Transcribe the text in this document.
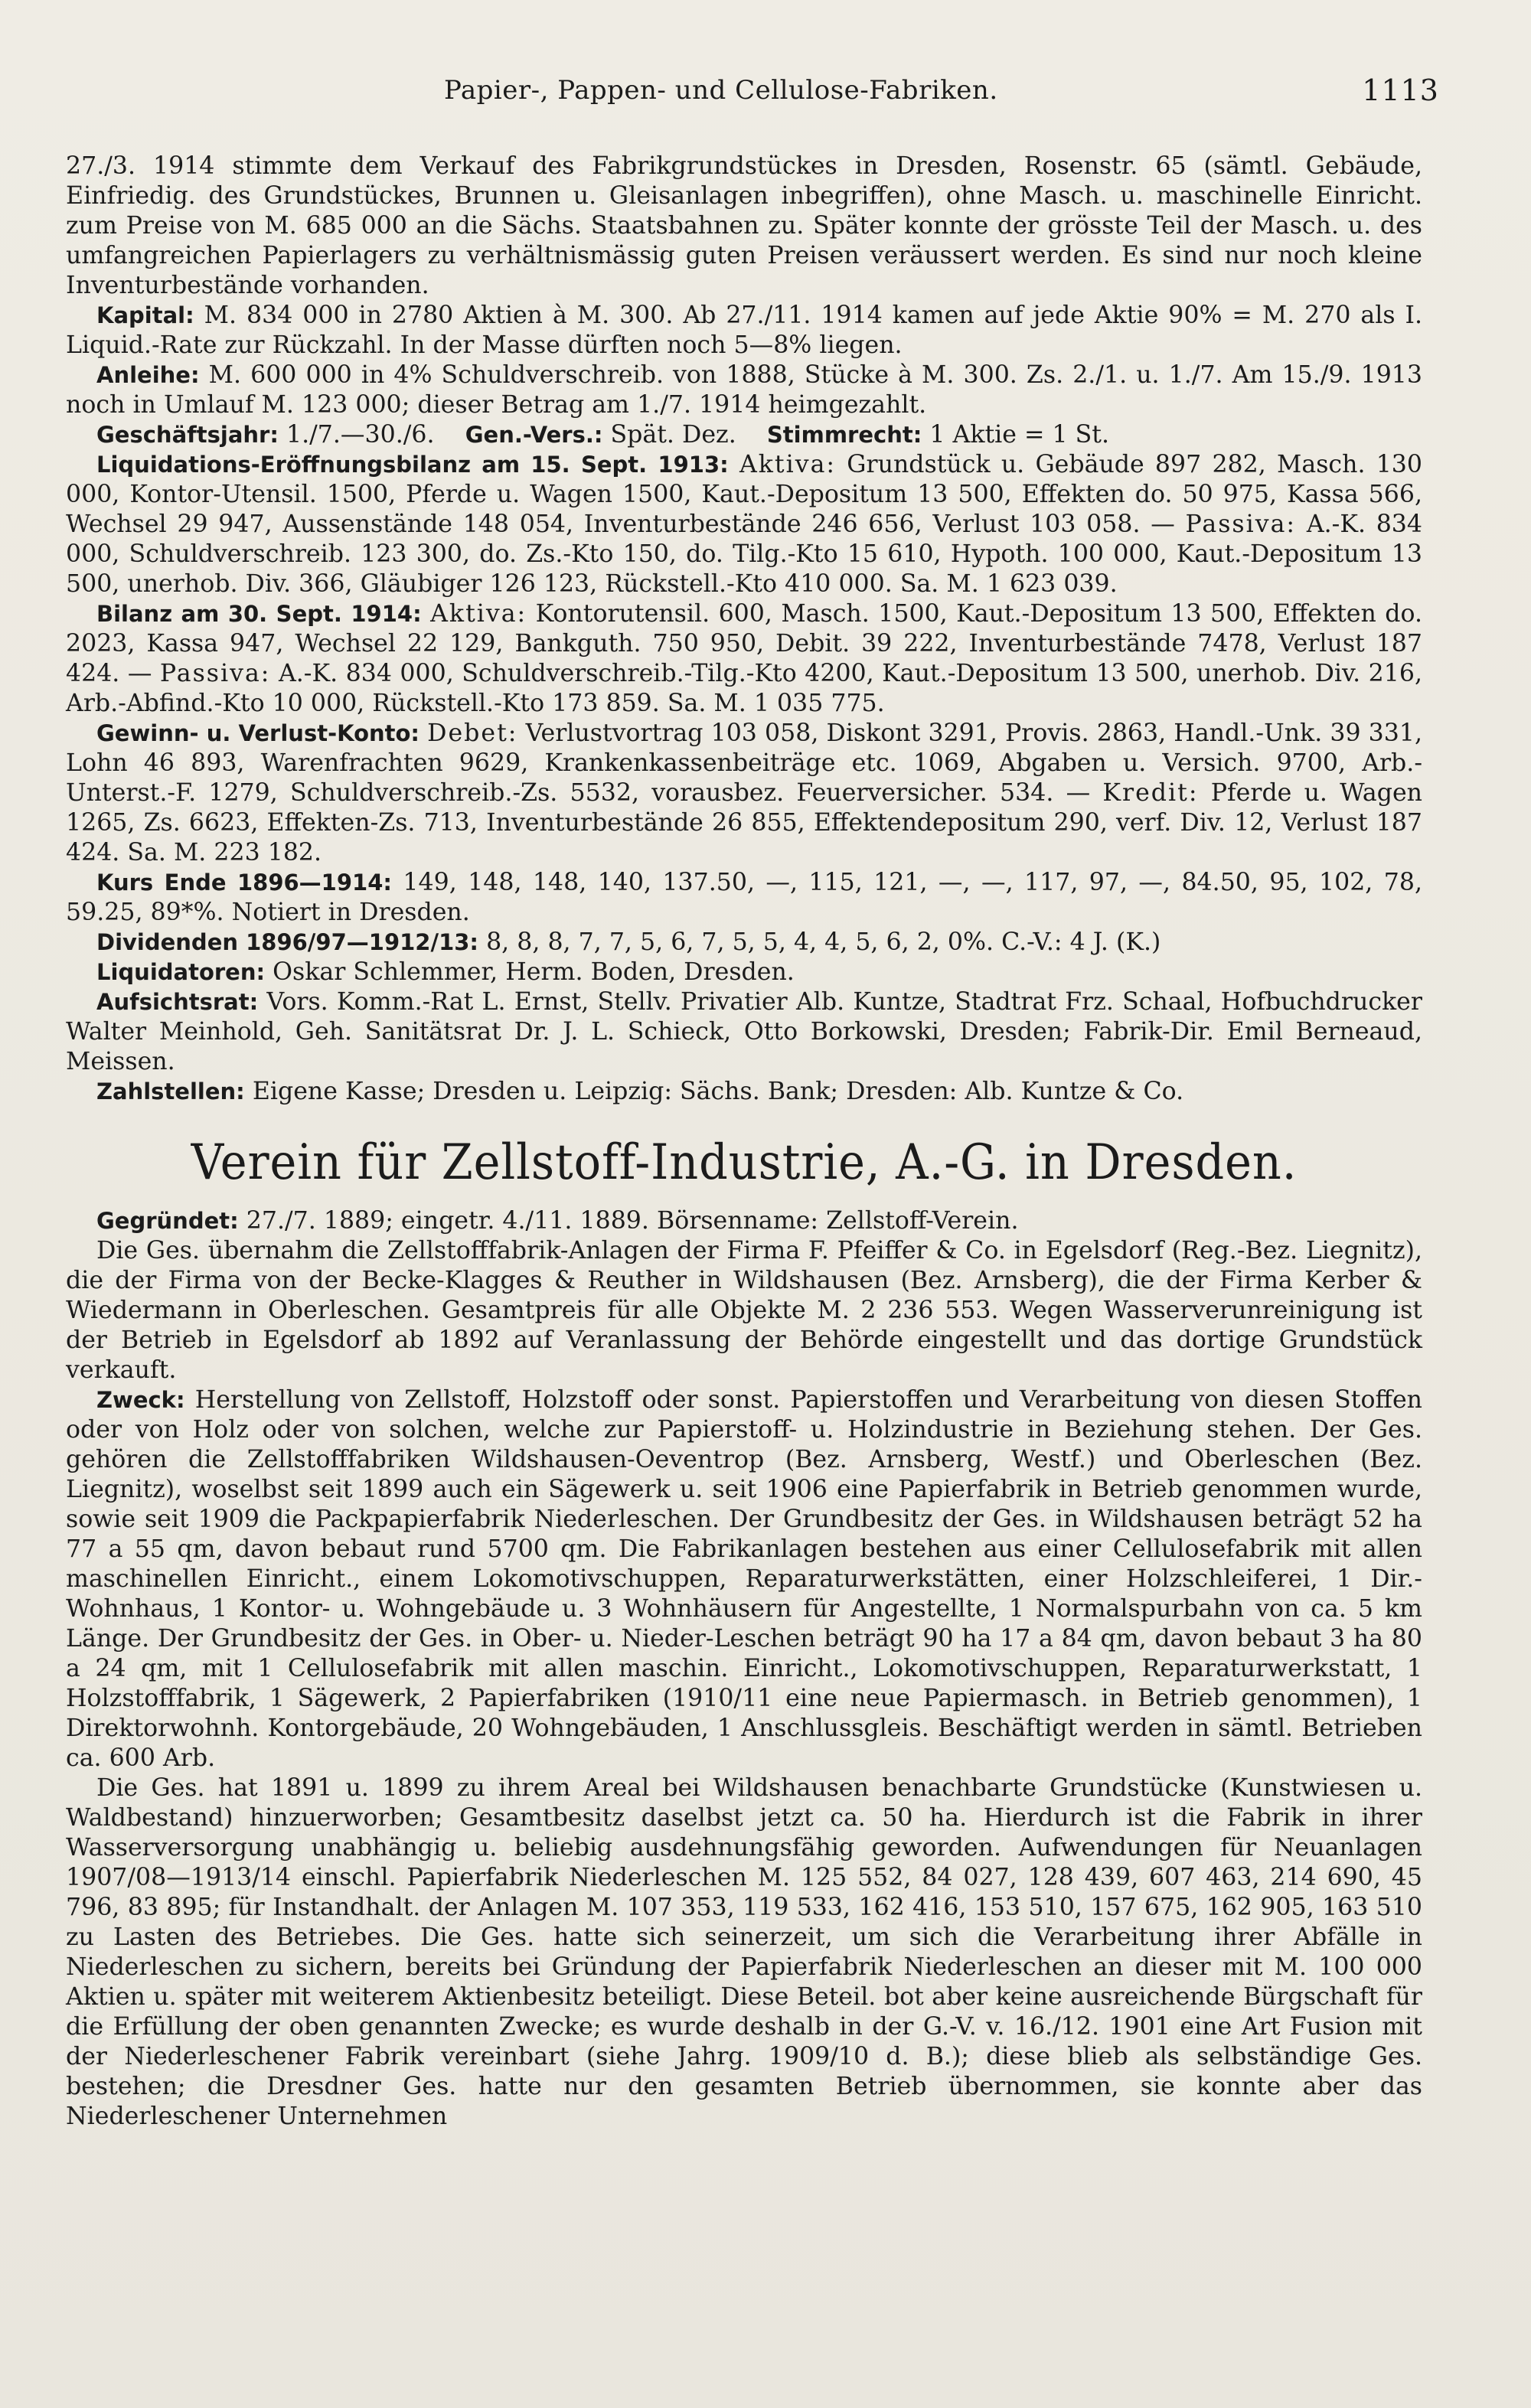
Papier-, Pappen- und Cellulose-Fabriken.	1113

27./3. 1914 stimmte dem Verkauf des Fabrikgrundstückes in Dresden, Rosenstr. 65 (sämtl. Gebäude, Einfriedig. des Grundstückes, Brunnen u. Gleisanlagen inbegriffen), ohne Masch. u. maschinelle Einricht. zum Preise von M. 685 000 an die Sächs. Staatsbahnen zu. Später konnte der grösste Teil der Masch. u. des umfangreichen Papierlagers zu verhältnismässig guten Preisen veräussert werden. Es sind nur noch kleine Inventurbestände vorhanden.

Kapital: M. 834 000 in 2780 Aktien à M. 300. Ab 27./11. 1914 kamen auf jede Aktie 90% = M. 270 als I. Liquid.-Rate zur Rückzahl. In der Masse dürften noch 5—8% liegen.

Anleihe: M. 600 000 in 4% Schuldverschreib. von 1888, Stücke à M. 300. Zs. 2./1. u. 1./7. Am 15./9. 1913 noch in Umlauf M. 123 000; dieser Betrag am 1./7. 1914 heimgezahlt.

Geschäftsjahr: 1./7.—30./6. Gen.-Vers.: Spät. Dez. Stimmrecht: 1 Aktie = 1 St.

Liquidations-Eröffnungsbilanz am 15. Sept. 1913: Aktiva: Grundstück u. Gebäude 897 282, Masch. 130 000, Kontor-Utensil. 1500, Pferde u. Wagen 1500, Kaut.-Depositum 13 500, Effekten do. 50 975, Kassa 566, Wechsel 29 947, Aussenstände 148 054, Inventurbestände 246 656, Verlust 103 058. — Passiva: A.-K. 834 000, Schuldverschreib. 123 300, do. Zs.-Kto 150, do. Tilg.-Kto 15 610, Hypoth. 100 000, Kaut.-Depositum 13 500, unerhob. Div. 366, Gläubiger 126 123, Rückstell.-Kto 410 000. Sa. M. 1 623 039.

Bilanz am 30. Sept. 1914: Aktiva: Kontorutensil. 600, Masch. 1500, Kaut.-Depositum 13 500, Effekten do. 2023, Kassa 947, Wechsel 22 129, Bankguth. 750 950, Debit. 39 222, Inventurbestände 7478, Verlust 187 424. — Passiva: A.-K. 834 000, Schuldverschreib.-Tilg.-Kto 4200, Kaut.-Depositum 13 500, unerhob. Div. 216, Arb.-Abfind.-Kto 10 000, Rückstell.-Kto 173 859. Sa. M. 1 035 775.

Gewinn- u. Verlust-Konto: Debet: Verlustvortrag 103 058, Diskont 3291, Provis. 2863, Handl.-Unk. 39 331, Lohn 46 893, Warenfrachten 9629, Krankenkassenbeiträge etc. 1069, Abgaben u. Versich. 9700, Arb.-Unterst.-F. 1279, Schuldverschreib.-Zs. 5532, vorausbez. Feuerversicher. 534. — Kredit: Pferde u. Wagen 1265, Zs. 6623, Effekten-Zs. 713, Inventurbestände 26 855, Effektendepositum 290, verf. Div. 12, Verlust 187 424. Sa. M. 223 182.

Kurs Ende 1896—1914: 149, 148, 148, 140, 137.50, —, 115, 121, —, —, 117, 97, —, 84.50, 95, 102, 78, 59.25, 89*%. Notiert in Dresden.

Dividenden 1896/97—1912/13: 8, 8, 8, 7, 7, 5, 6, 7, 5, 5, 4, 4, 5, 6, 2, 0%. C.-V.: 4 J. (K.)

Liquidatoren: Oskar Schlemmer, Herm. Boden, Dresden.

Aufsichtsrat: Vors. Komm.-Rat L. Ernst, Stellv. Privatier Alb. Kuntze, Stadtrat Frz. Schaal, Hofbuchdrucker Walter Meinhold, Geh. Sanitätsrat Dr. J. L. Schieck, Otto Borkowski, Dresden; Fabrik-Dir. Emil Berneaud, Meissen.

Zahlstellen: Eigene Kasse; Dresden u. Leipzig: Sächs. Bank; Dresden: Alb. Kuntze & Co.

Verein für Zellstoff-Industrie, A.-G. in Dresden.

Gegründet: 27./7. 1889; eingetr. 4./11. 1889. Börsenname: Zellstoff-Verein.

Die Ges. übernahm die Zellstofffabrik-Anlagen der Firma F. Pfeiffer & Co. in Egelsdorf (Reg.-Bez. Liegnitz), die der Firma von der Becke-Klagges & Reuther in Wildshausen (Bez. Arnsberg), die der Firma Kerber & Wiedermann in Oberleschen. Gesamtpreis für alle Objekte M. 2 236 553. Wegen Wasserverunreinigung ist der Betrieb in Egelsdorf ab 1892 auf Veranlassung der Behörde eingestellt und das dortige Grundstück verkauft.

Zweck: Herstellung von Zellstoff, Holzstoff oder sonst. Papierstoffen und Verarbeitung von diesen Stoffen oder von Holz oder von solchen, welche zur Papierstoff- u. Holzindustrie in Beziehung stehen. Der Ges. gehören die Zellstofffabriken Wildshausen-Oeventrop (Bez. Arnsberg, Westf.) und Oberleschen (Bez. Liegnitz), woselbst seit 1899 auch ein Sägewerk u. seit 1906 eine Papierfabrik in Betrieb genommen wurde, sowie seit 1909 die Packpapierfabrik Niederleschen. Der Grundbesitz der Ges. in Wildshausen beträgt 52 ha 77 a 55 qm, davon bebaut rund 5700 qm. Die Fabrikanlagen bestehen aus einer Cellulosefabrik mit allen maschinellen Einricht., einem Lokomotivschuppen, Reparaturwerkstätten, einer Holzschleiferei, 1 Dir.-Wohnhaus, 1 Kontor- u. Wohngebäude u. 3 Wohnhäusern für Angestellte, 1 Normalspurbahn von ca. 5 km Länge. Der Grundbesitz der Ges. in Ober- u. Nieder-Leschen beträgt 90 ha 17 a 84 qm, davon bebaut 3 ha 80 a 24 qm, mit 1 Cellulosefabrik mit allen maschin. Einricht., Lokomotivschuppen, Reparaturwerkstatt, 1 Holzstofffabrik, 1 Sägewerk, 2 Papierfabriken (1910/11 eine neue Papiermasch. in Betrieb genommen), 1 Direktorwohnh. Kontorgebäude, 20 Wohngebäuden, 1 Anschlussgleis. Beschäftigt werden in sämtl. Betrieben ca. 600 Arb.

Die Ges. hat 1891 u. 1899 zu ihrem Areal bei Wildshausen benachbarte Grundstücke (Kunstwiesen u. Waldbestand) hinzuerworben; Gesamtbesitz daselbst jetzt ca. 50 ha. Hierdurch ist die Fabrik in ihrer Wasserversorgung unabhängig u. beliebig ausdehnungsfähig geworden. Aufwendungen für Neuanlagen 1907/08—1913/14 einschl. Papierfabrik Niederleschen M. 125 552, 84 027, 128 439, 607 463, 214 690, 45 796, 83 895; für Instandhalt. der Anlagen M. 107 353, 119 533, 162 416, 153 510, 157 675, 162 905, 163 510 zu Lasten des Betriebes. Die Ges. hatte sich seinerzeit, um sich die Verarbeitung ihrer Abfälle in Niederleschen zu sichern, bereits bei Gründung der Papierfabrik Niederleschen an dieser mit M. 100 000 Aktien u. später mit weiterem Aktienbesitz beteiligt. Diese Beteil. bot aber keine ausreichende Bürgschaft für die Erfüllung der oben genannten Zwecke; es wurde deshalb in der G.-V. v. 16./12. 1901 eine Art Fusion mit der Niederleschener Fabrik vereinbart (siehe Jahrg. 1909/10 d. B.); diese blieb als selbständige Ges. bestehen; die Dresdner Ges. hatte nur den gesamten Betrieb übernommen, sie konnte aber das Niederleschener Unternehmen
